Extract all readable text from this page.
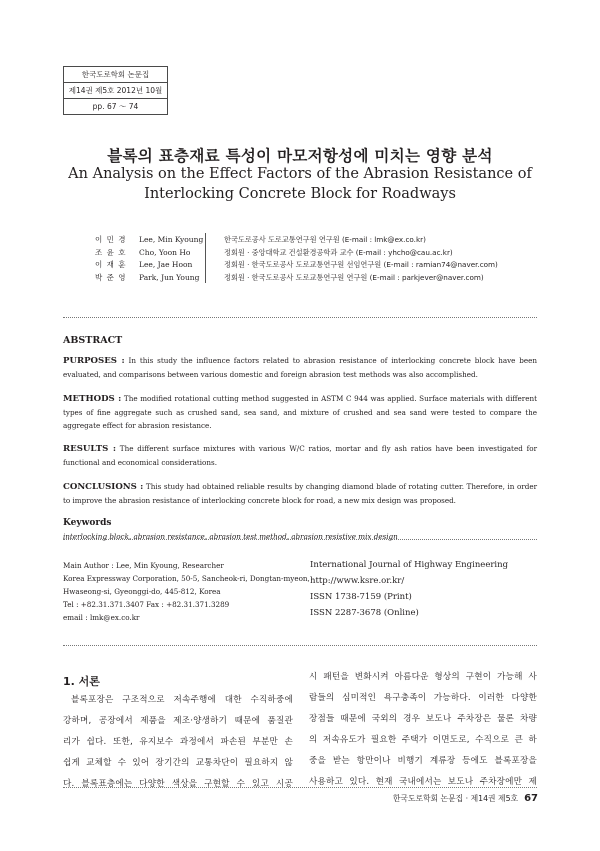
한국도로학회 논문집
제14권 제5호 2012년 10월
pp. 67 ～ 74
블록의 표층재료 특성이 마모저항성에 미치는 영향 분석
An Analysis on the Effect Factors of the Abrasion Resistance of
Interlocking Concrete Block for Roadways
이 민 경
조 윤 호
이 재 훈
박 준 영
Lee, Min Kyoung
Cho, Yoon Ho
Lee, Jae Hoon
Park, Jun Young
한국도로공사 도로교통연구원 연구원 (E-mail : lmk@ex.co.kr)
정회원 · 중앙대학교 건설환경공학과 교수 (E-mail : yhcho@cau.ac.kr)
정회원 · 한국도로공사 도로교통연구원 선임연구원 (E-mail : ramian74@naver.com)
정회원 · 한국도로공사 도로교통연구원 연구원 (E-mail : parkjever@naver.com)
ABSTRACT

PURPOSES : In this study the influence factors related to abrasion resistance of interlocking concrete block have been evaluated, and comparisons between various domestic and foreign abrasion test methods was also accomplished.

METHODS : The modified rotational cutting method suggested in ASTM C 944 was applied. Surface materials with different types of fine aggregate such as crushed sand, sea sand, and mixture of crushed and sea sand were tested to compare the aggregate effect for abrasion resistance.

RESULTS : The different surface mixtures with various W/C ratios, mortar and fly ash ratios have been investigated for functional and economical considerations.

CONCLUSIONS : This study had obtained reliable results by changing diamond blade of rotating cutter. Therefore, in order to improve the abrasion resistance of interlocking concrete block for road, a new mix design was proposed.

Keywords
interlocking block, abrasion resistance, abrasion test method, abrasion resistive mix design
Main Author : Lee, Min Kyoung, Researcher
Korea Expressway Corporation, 50-5, Sancheok-ri, Dongtan-myeon,
Hwaseong-si, Gyeonggi-do, 445-812, Korea
Tel : +82.31.371.3407 Fax : +82.31.371.3289
email : lmk@ex.co.kr
International Journal of Highway Engineering
http://www.ksre.or.kr/
ISSN 1738-7159 (Print)
ISSN 2287-3678 (Online)
1. 서론
블록포장은 구조적으로 저속주행에 대한 수직하중에
강하며, 공장에서 제품을 제조·양생하기 때문에 품질관
리가 쉽다. 또한, 유지보수 과정에서 파손된 부분만 손
쉽게 교체할 수 있어 장기간의 교통차단이 필요하지 않
다. 블록표층에는 다양한 색상을 구현할 수 있고 시공
시 패턴을 변화시켜 아름다운 형상의 구현이 가능해 사
람들의 심미적인 욕구충족이 가능하다. 이러한 다양한
장점들 때문에 국외의 경우 보도나 주차장은 물론 차량
의 저속유도가 필요한 주택가 이면도로, 수직으로 큰 하
중을 받는 항만이나 비행기 계류장 등에도 블록포장을
사용하고 있다. 현재 국내에서는 보도나 주차장에만 제
한국도로학회 논문집 · 제14권 제5호 67
